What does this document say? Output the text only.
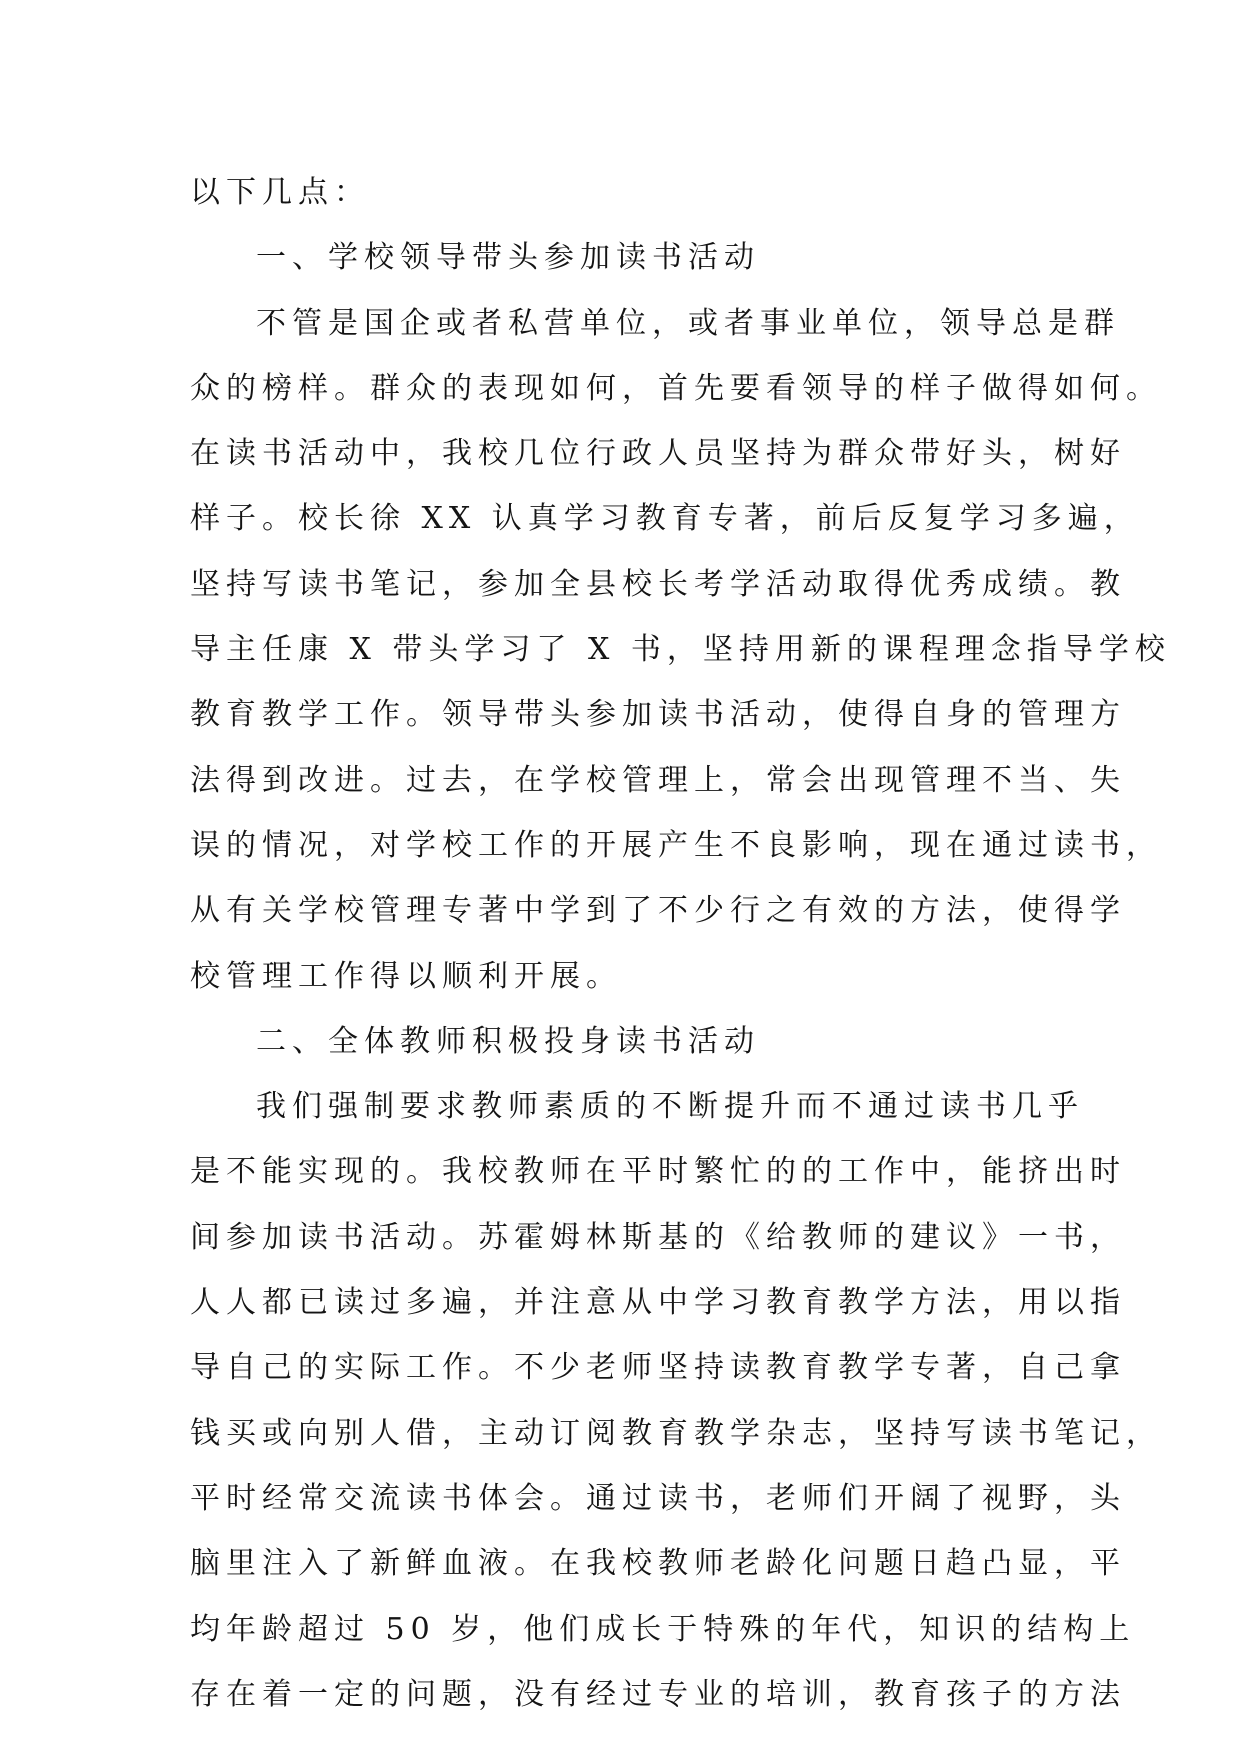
以下几点：
一、学校领导带头参加读书活动
不管是国企或者私营单位，或者事业单位，领导总是群
众的榜样。群众的表现如何，首先要看领导的样子做得如何。
在读书活动中，我校几位行政人员坚持为群众带好头，树好
样子。校长徐 XX 认真学习教育专著，前后反复学习多遍，
坚持写读书笔记，参加全县校长考学活动取得优秀成绩。教
导主任康 X 带头学习了 X 书，坚持用新的课程理念指导学校
教育教学工作。领导带头参加读书活动，使得自身的管理方
法得到改进。过去，在学校管理上，常会出现管理不当、失
误的情况，对学校工作的开展产生不良影响，现在通过读书，
从有关学校管理专著中学到了不少行之有效的方法，使得学
校管理工作得以顺利开展。
二、全体教师积极投身读书活动
我们强制要求教师素质的不断提升而不通过读书几乎
是不能实现的。我校教师在平时繁忙的的工作中，能挤出时
间参加读书活动。苏霍姆林斯基的《给教师的建议》一书，
人人都已读过多遍，并注意从中学习教育教学方法，用以指
导自己的实际工作。不少老师坚持读教育教学专著，自己拿
钱买或向别人借，主动订阅教育教学杂志，坚持写读书笔记，
平时经常交流读书体会。通过读书，老师们开阔了视野，头
脑里注入了新鲜血液。在我校教师老龄化问题日趋凸显，平
均年龄超过 50 岁，他们成长于特殊的年代，知识的结构上
存在着一定的问题，没有经过专业的培训，教育孩子的方法
